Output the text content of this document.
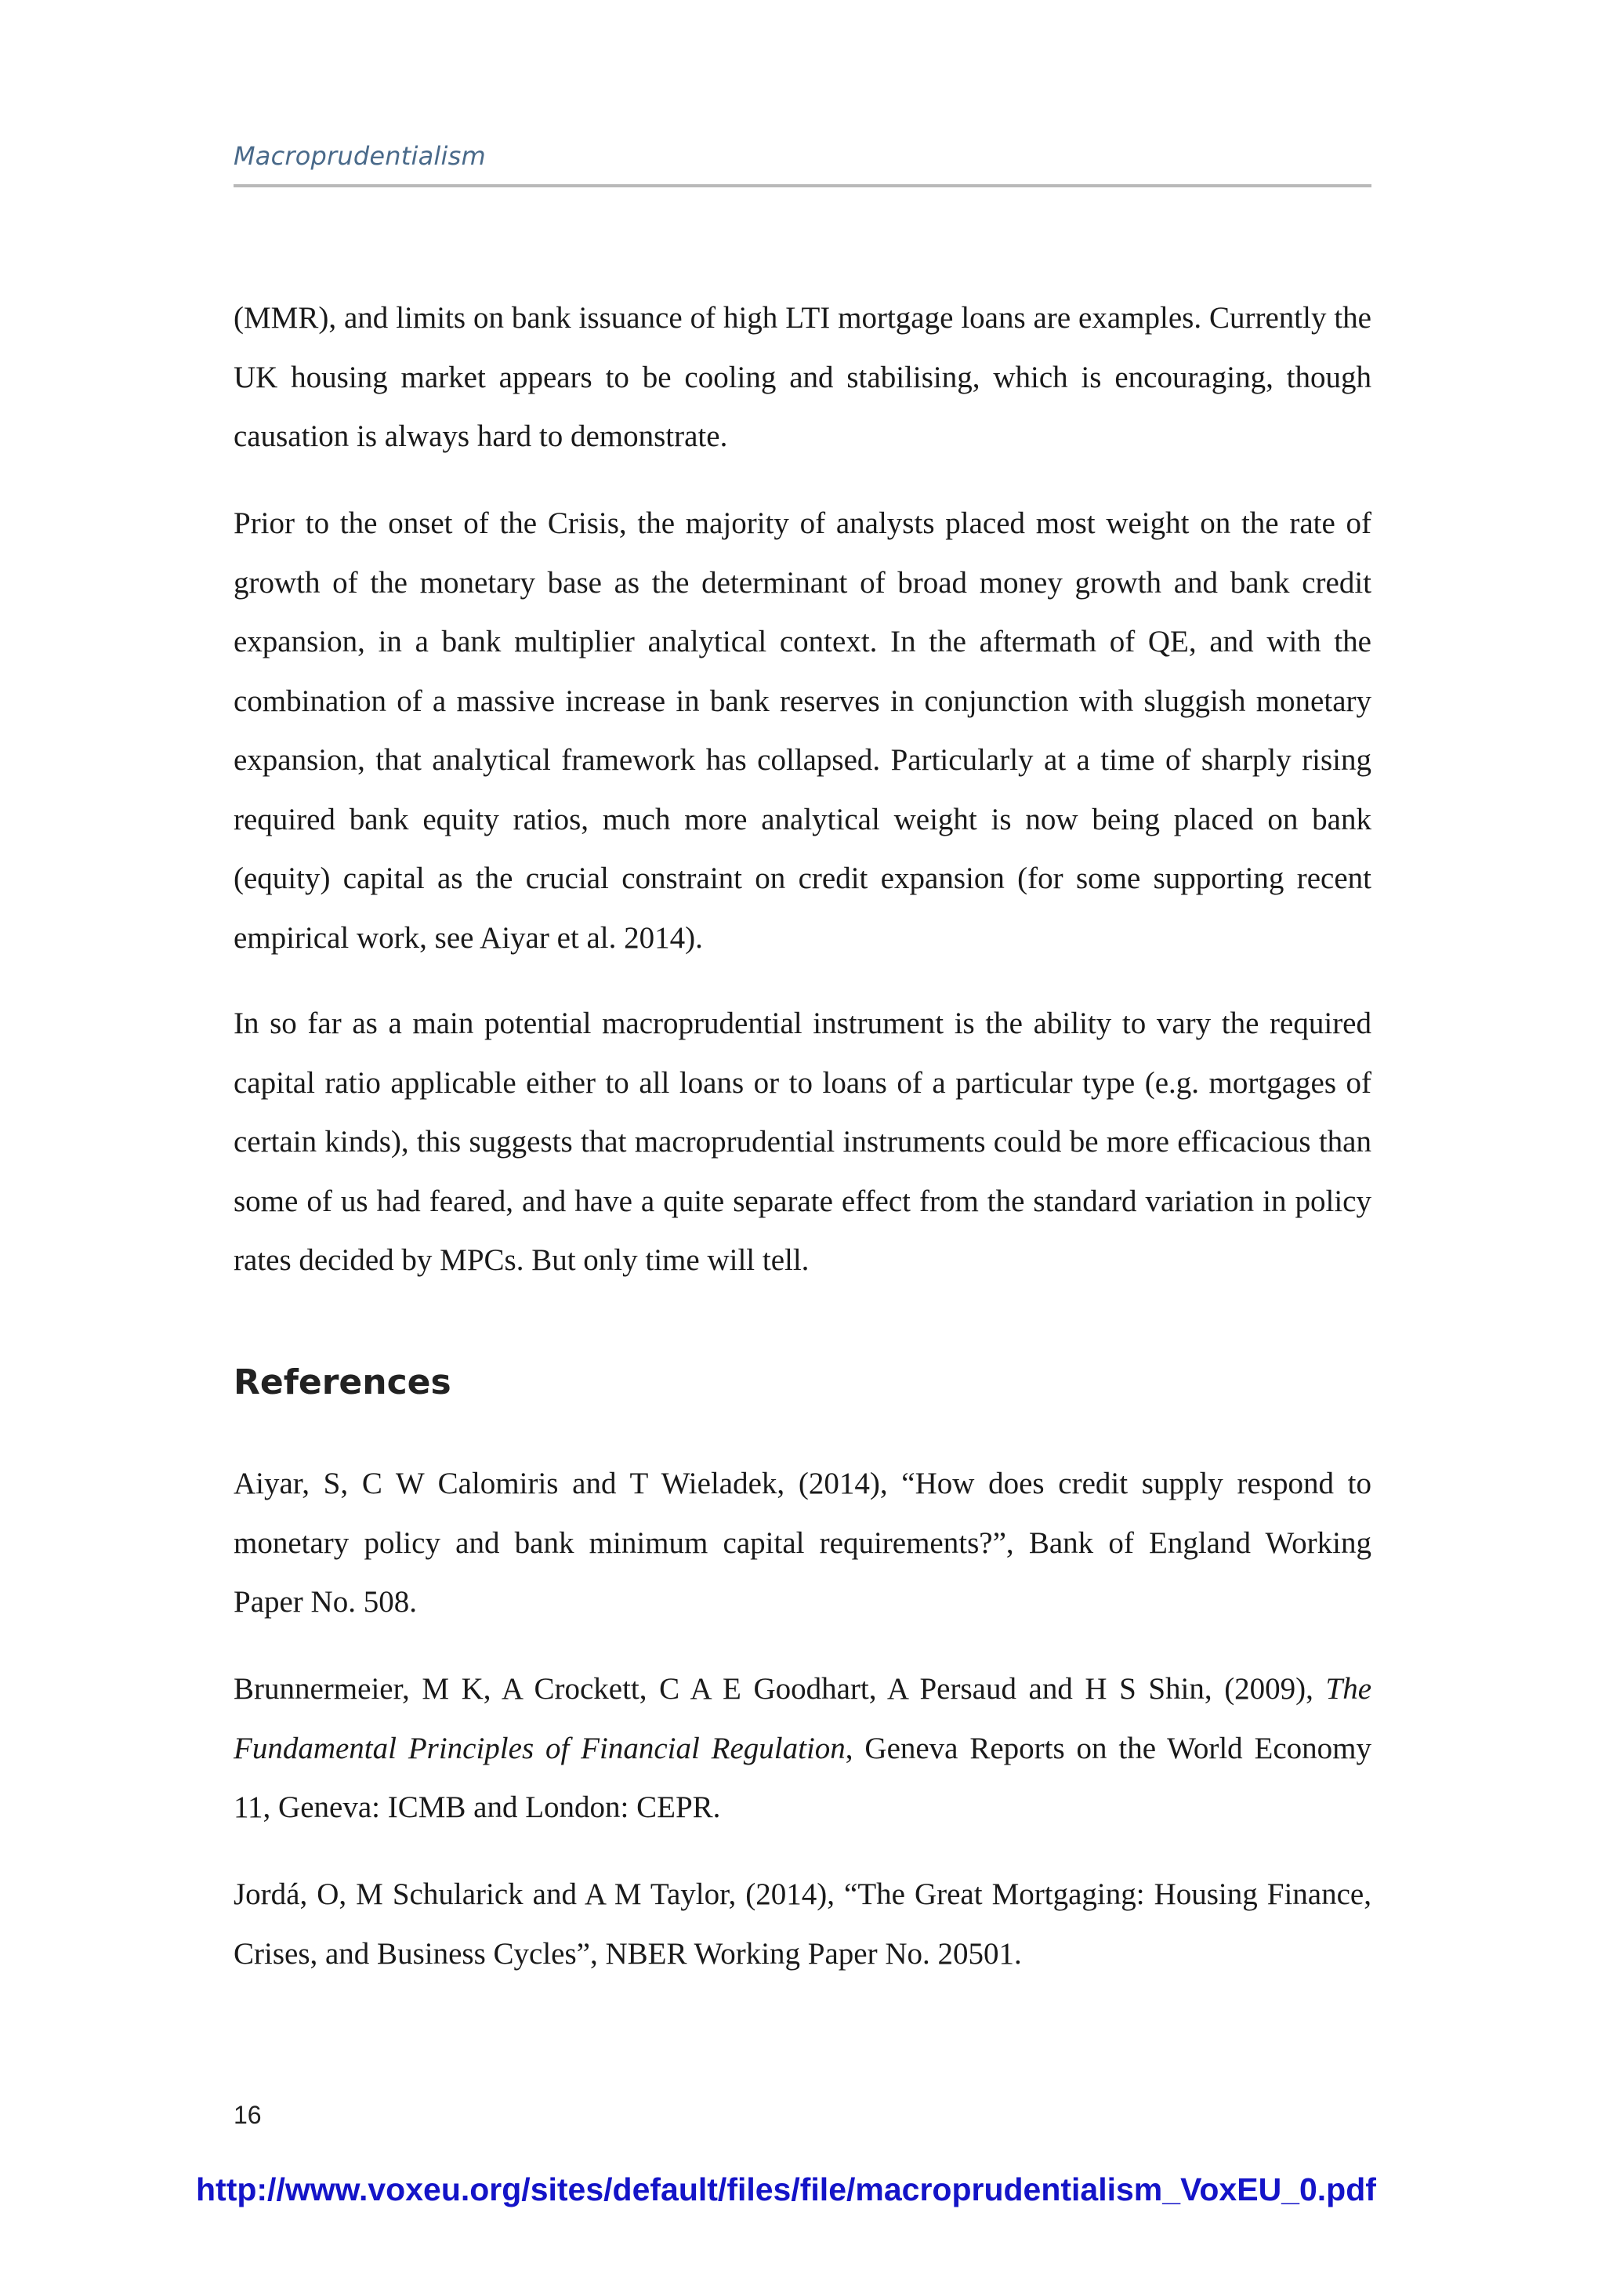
Macroprudentialism

(MMR), and limits on bank issuance of high LTI mortgage loans are examples. Currently the UK housing market appears to be cooling and stabilising, which is encouraging, though causation is always hard to demonstrate.

Prior to the onset of the Crisis, the majority of analysts placed most weight on the rate of growth of the monetary base as the determinant of broad money growth and bank credit expansion, in a bank multiplier analytical context. In the aftermath of QE, and with the combination of a massive increase in bank reserves in conjunction with sluggish monetary expansion, that analytical framework has collapsed. Particularly at a time of sharply rising required bank equity ratios, much more analytical weight is now being placed on bank (equity) capital as the crucial constraint on credit expansion (for some supporting recent empirical work, see Aiyar et al. 2014).

In so far as a main potential macroprudential instrument is the ability to vary the required capital ratio applicable either to all loans or to loans of a particular type (e.g. mortgages of certain kinds), this suggests that macroprudential instruments could be more efficacious than some of us had feared, and have a quite separate effect from the standard variation in policy rates decided by MPCs. But only time will tell.

References

Aiyar, S, C W Calomiris and T Wieladek, (2014), “How does credit supply respond to monetary policy and bank minimum capital requirements?”, Bank of England Working Paper No. 508.

Brunnermeier, M K, A Crockett, C A E Goodhart, A Persaud and H S Shin, (2009), The Fundamental Principles of Financial Regulation, Geneva Reports on the World Economy 11, Geneva: ICMB and London: CEPR.

Jordá, O, M Schularick and A M Taylor, (2014), “The Great Mortgaging: Housing Finance, Crises, and Business Cycles”, NBER Working Paper No. 20501.

16
http://www.voxeu.org/sites/default/files/file/macroprudentialism_VoxEU_0.pdf
